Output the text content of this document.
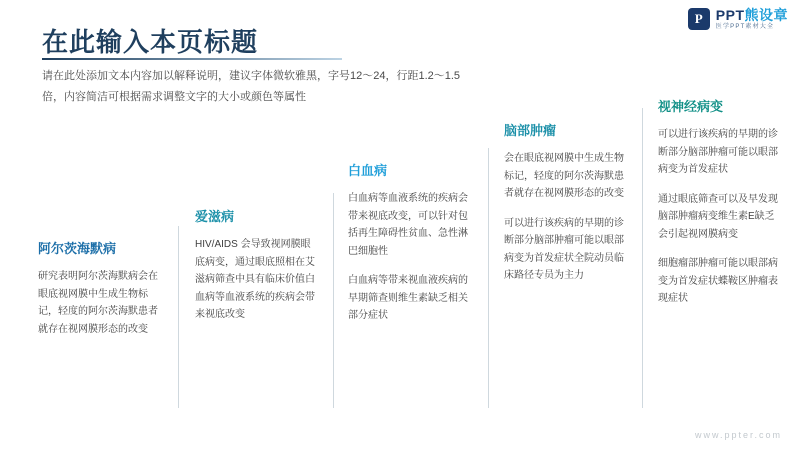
P PPT熊设章
医学PPT素材大全
在此输入本页标题
请在此处添加文本内容加以解释说明，建议字体微软雅黑，字号12～24，行距1.2～1.5倍，内容简洁可根据需求调整文字的大小或颜色等属性
阿尔茨海默病

研究表明阿尔茨海默病会在眼底视网膜中生成生物标记，轻度的阿尔茨海默患者就存在视网膜形态的改变

爱滋病

HIV/AIDS 会导致视网膜眼底病变，通过眼底照相在艾滋病筛查中具有临床价值白血病等血液系统的疾病会带来视底改变

白血病

白血病等血液系统的疾病会带来视底改变，可以针对包括再生障碍性贫血、急性淋巴细胞性

白血病等带来视血液疾病的早期筛查则维生素缺乏相关部分症状

脑部肿瘤

会在眼底视网膜中生成生物标记，轻度的阿尔茨海默患者就存在视网膜形态的改变

可以进行该疾病的早期的诊断部分脑部肿瘤可能以眼部病变为首发症状全院动员临床路径专员为主力

视神经病变

可以进行该疾病的早期的诊断部分脑部肿瘤可能以眼部病变为首发症状

通过眼底筛查可以及早发现脑部肿瘤病变维生素E缺乏会引起视网膜病变

细胞瘤部肿瘤可能以眼部病变为首发症状蝶鞍区肿瘤表现症状

www.ppter.com
